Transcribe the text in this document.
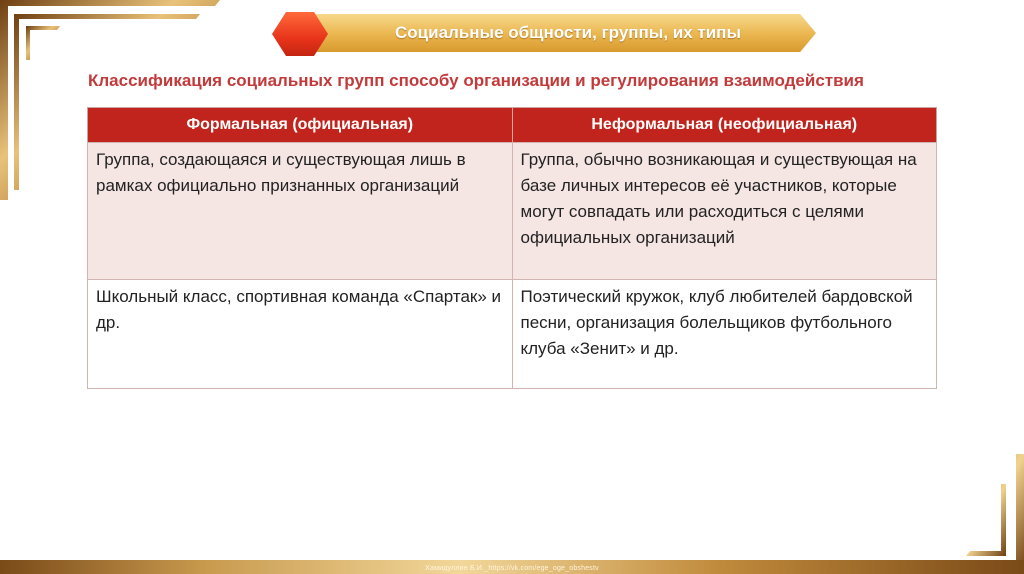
Социальные общности, группы, их типы
Классификация социальных групп способу организации и регулирования взаимодействия
Формальная (официальная)	Неформальная (неофициальная)
Группа, создающаяся и существующая лишь в рамках официально признанных организаций	Группа, обычно возникающая и существующая на базе личных интересов её участников, которые могут совпадать или расходиться с целями официальных организаций
Школьный класс, спортивная команда «Спартак» и др.	Поэтический кружок, клуб любителей бардовской песни, организация болельщиков футбольного клуба «Зенит» и др.
Хамидуллин Б.И._https://vk.com/ege_oge_obshestv
